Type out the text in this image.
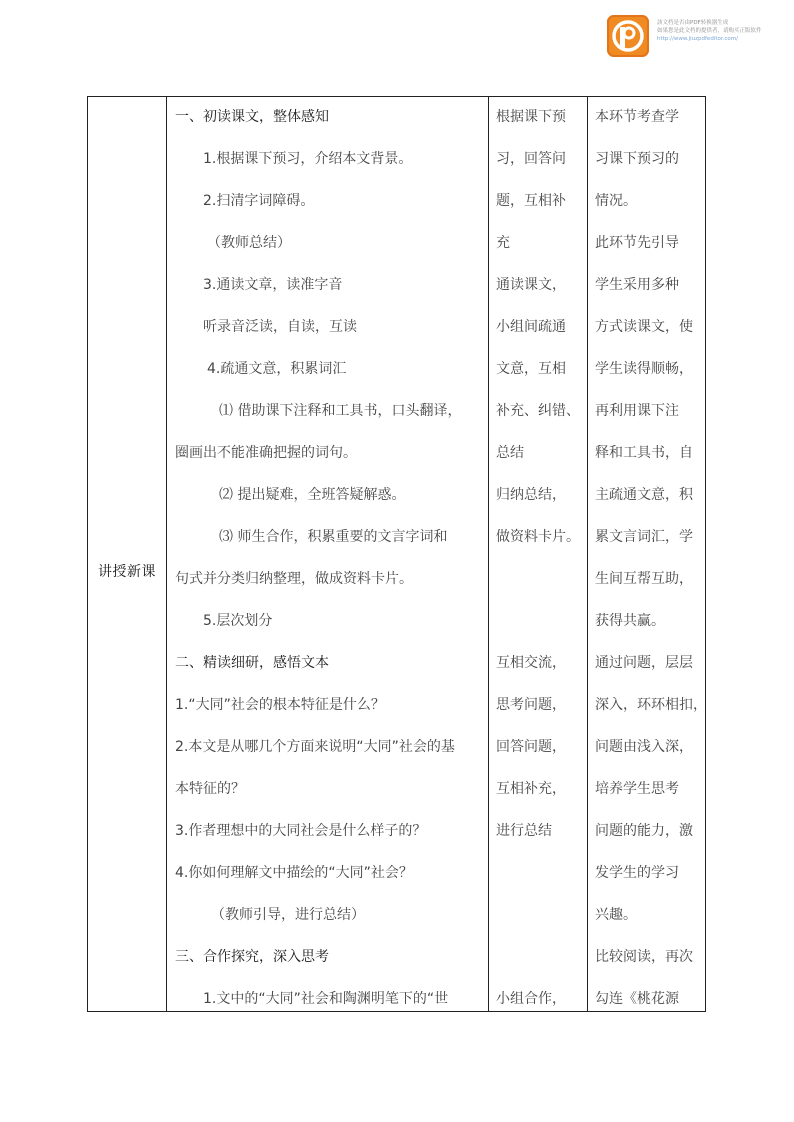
該文档是否由PDF转换器生成
如果您是此文档的提供者，请购买正版软件
http://www.jiuzpdfeditor.com/
讲授新课
一、初读课文，整体感知
1.根据课下预习，介绍本文背景。
2.扫清字词障碍。
（教师总结）
3.通读文章，读准字音
听录音泛读，自读，互读
4.疏通文意，积累词汇
⑴ 借助课下注释和工具书，口头翻译，
圈画出不能准确把握的词句。
⑵ 提出疑难，全班答疑解惑。
⑶ 师生合作，积累重要的文言字词和
句式并分类归纳整理，做成资料卡片。
5.层次划分
二、精读细研，感悟文本
1.“大同”社会的根本特征是什么？
2.本文是从哪几个方面来说明“大同”社会的基
本特征的？
3.作者理想中的大同社会是什么样子的？
4.你如何理解文中描绘的“大同”社会？
（教师引导，进行总结）
三、合作探究，深入思考
1.文中的“大同”社会和陶渊明笔下的“世
根据课下预
习，回答问
题，互相补
充
通读课文，
小组间疏通
文意，互相
补充、纠错、
总结
归纳总结，
做资料卡片。
互相交流，
思考问题，
回答问题，
互相补充，
进行总结
小组合作，
本环节考查学
习课下预习的
情况。
此环节先引导
学生采用多种
方式读课文，使
学生读得顺畅，
再利用课下注
释和工具书，自
主疏通文意，积
累文言词汇，学
生间互帮互助，
获得共赢。
通过问题，层层
深入，环环相扣，
问题由浅入深，
培养学生思考
问题的能力，激
发学生的学习
兴趣。
比较阅读，再次
勾连《桃花源
